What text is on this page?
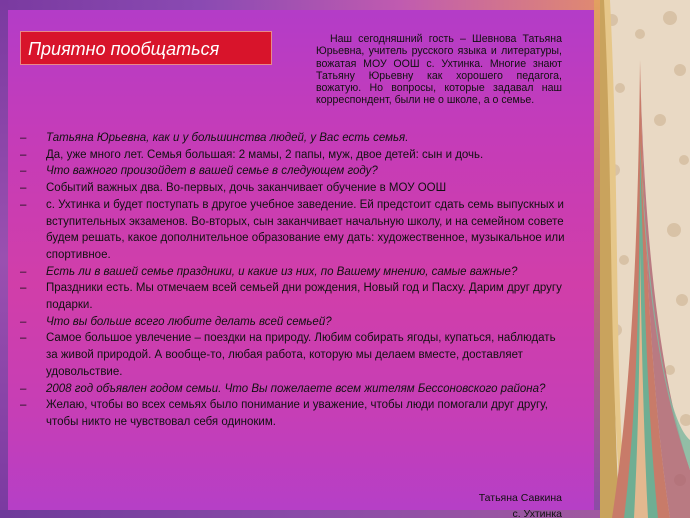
Приятно пообщаться	Наш сегодняшний гость – Шевнова Татьяна Юрьевна, учитель русского языка и литературы, вожатая МОУ ООШ с. Ухтинка. Многие знают Татьяну Юрьевну как хорошего педагога, вожатую. Но вопросы, которые задавал наш корреспондент, были не о школе, а о семье.
– Татьяна Юрьевна, как и у большинства людей, у Вас есть семья.
– Да, уже много лет. Семья большая: 2 мамы, 2 папы, муж, двое детей: сын и дочь.
– Что важного произойдет в вашей семье в следующем году?
– Событий важных два. Во-первых, дочь заканчивает обучение в МОУ ООШ
– с. Ухтинка и будет поступать в другое учебное заведение. Ей предстоит сдать семь выпускных и вступительных экзаменов. Во-вторых, сын заканчивает начальную школу, и на семейном совете будем решать, какое дополнительное образование ему дать: художественное, музыкальное или спортивное.
– Есть ли в вашей семье праздники, и какие из них, по Вашему мнению, самые важные?
– Праздники есть. Мы отмечаем всей семьей дни рождения, Новый год и Пасху. Дарим друг другу подарки.
– Что вы больше всего любите делать всей семьей?
– Самое большое увлечение – поездки на природу. Любим собирать ягоды, купаться, наблюдать за живой природой. А вообще-то, любая работа, которую мы делаем вместе, доставляет удовольствие.
– 2008 год объявлен годом семьи. Что Вы пожелаете всем жителям Бессоновского района?
– Желаю, чтобы во всех семьях было понимание и уважение, чтобы люди помогали друг другу, чтобы никто не чувствовал себя одиноким.
Татьяна Савкина
с. Ухтинка
